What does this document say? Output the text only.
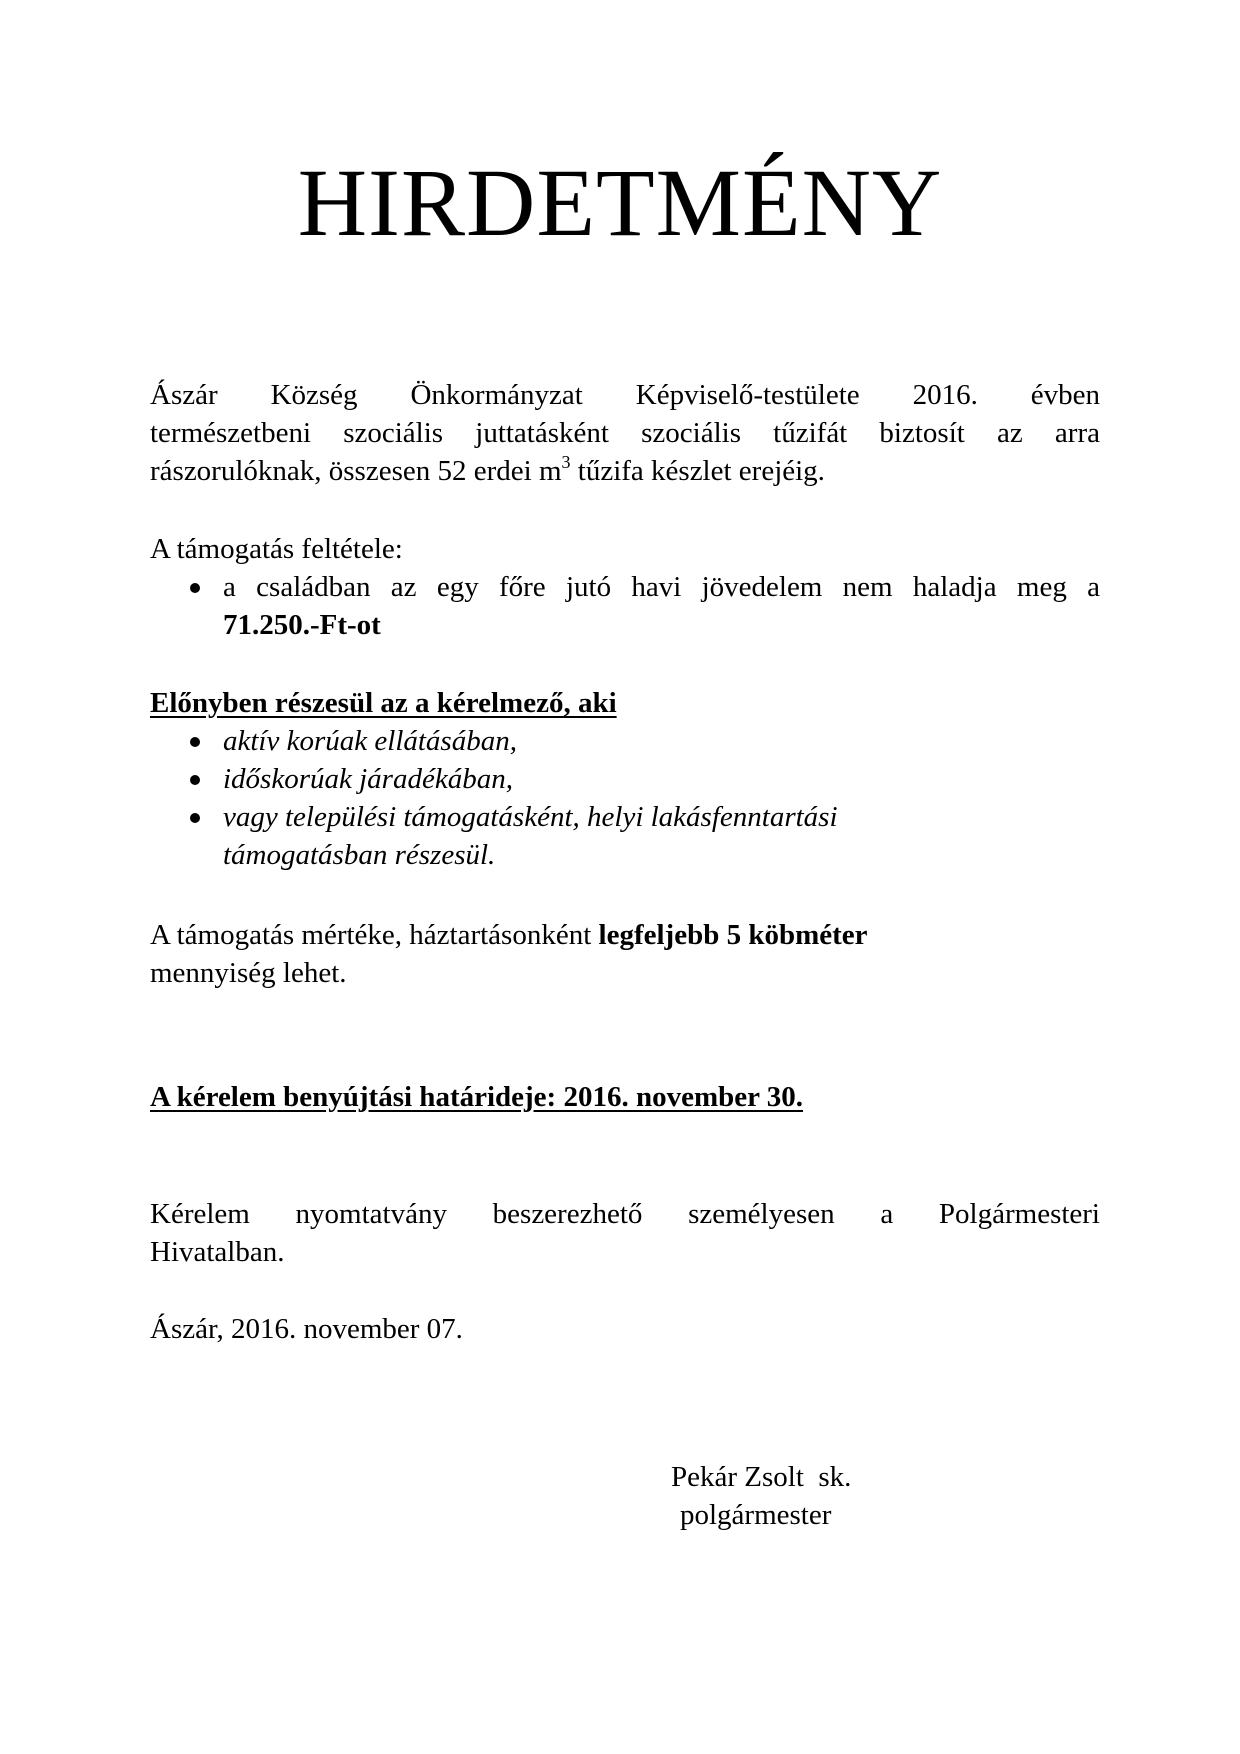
HIRDETMÉNY
Ászár Község Önkormányzat Képviselő-testülete 2016. évben
természetbeni szociális juttatásként szociális tűzifát biztosít az arra
rászorulóknak, összesen 52 erdei $m^3$ tűzifa készlet erejéig.
A támogatás feltétele:
a családban az egy főre jutó havi jövedelem nem haladja meg a
71.250.-Ft-ot
Előnyben részesül az a kérelmező, aki
aktív korúak ellátásában,
időskorúak járadékában,
vagy települési támogatásként, helyi lakásfenntartási támogatásban részesül.
A támogatás mértéke, háztartásonként legfeljebb 5 köbméter
mennyiség lehet.
A kérelem benyújtási határideje: 2016. november 30.
Kérelem nyomtatvány beszerezhető személyesen a Polgármesteri
Hivatalban.
Ászár, 2016. november 07.
Pekár Zsolt  sk.
polgármester
